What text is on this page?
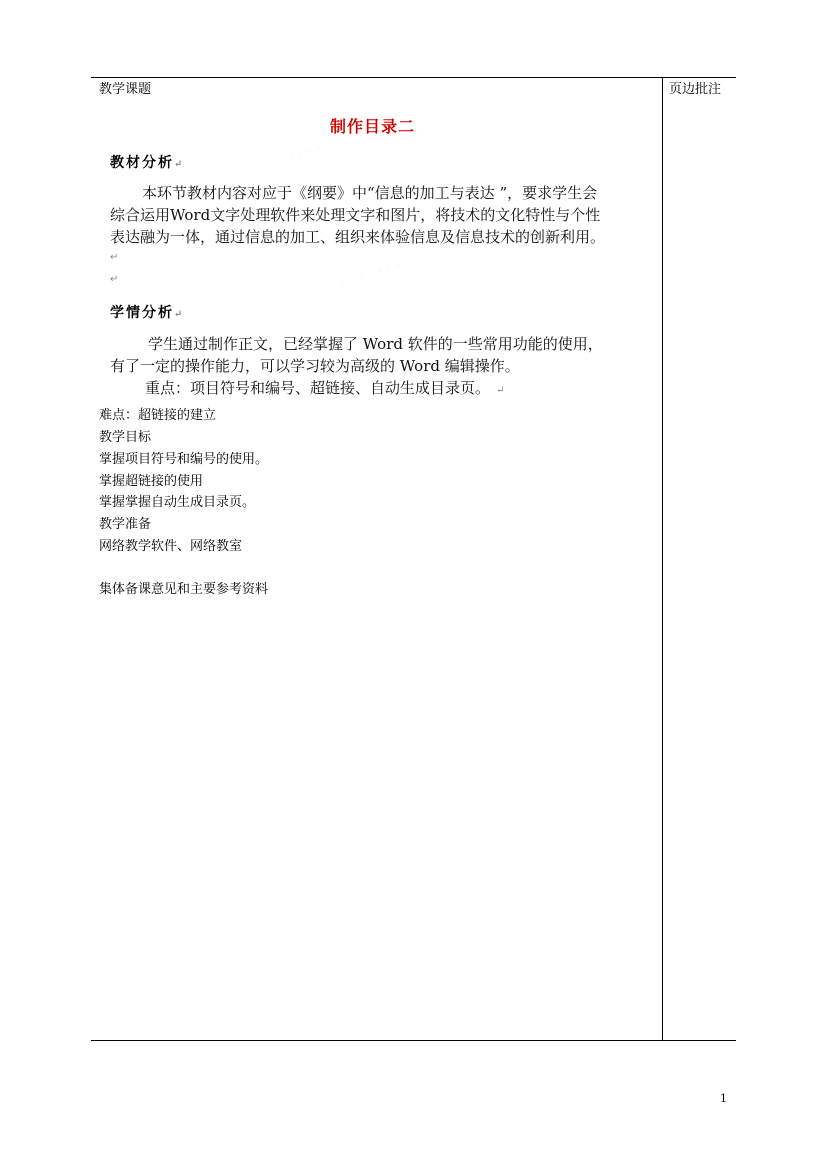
教学课题	页边批注
制作目录二
· · · · ·
· · · · · · ·
教材分析↵
本环节教材内容对应于《纲要》中“信息的加工与表达 ”，要求学生会
综合运用Word文字处理软件来处理文字和图片，将技术的文化特性与个性
表达融为一体，通过信息的加工、组织来体验信息及信息技术的创新利用。
↵
↵
学情分析↵
学生通过制作正文，已经掌握了 Word 软件的一些常用功能的使用，
有了一定的操作能力，可以学习较为高级的 Word 编辑操作。
重点：项目符号和编号、超链接、自动生成目录页。 ↵
难点：超链接的建立
教学目标
掌握项目符号和编号的使用。
掌握超链接的使用
掌握掌握自动生成目录页。
教学准备
网络教学软件、网络教室
集体备课意见和主要参考资料
1
